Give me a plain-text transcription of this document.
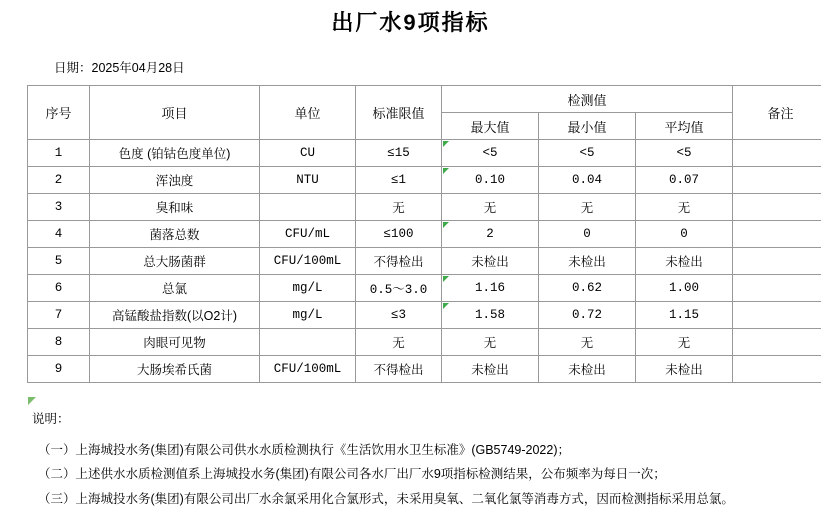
出厂水9项指标
日期：2025年04月28日
序号	项目	单位	标准限值	检测值			备注
				最大值	最小值	平均值	
1	色度 (铂钴色度单位)	CU	≤15	<5	<5	<5	
2	浑浊度	NTU	≤1	0.10	0.04	0.07	
3	臭和味		无	无	无	无	
4	菌落总数	CFU/mL	≤100	2	0	0	
5	总大肠菌群	CFU/100mL	不得检出	未检出	未检出	未检出	
6	总氯	mg/L	0.5～3.0	1.16	0.62	1.00	
7	高锰酸盐指数(以O2计)	mg/L	≤3	1.58	0.72	1.15	
8	肉眼可见物		无	无	无	无	
9	大肠埃希氏菌	CFU/100mL	不得检出	未检出	未检出	未检出	
说明：
（一）上海城投水务(集团)有限公司供水水质检测执行《生活饮用水卫生标准》(GB5749-2022)；
（二）上述供水水质检测值系上海城投水务(集团)有限公司各水厂出厂水9项指标检测结果，公布频率为每日一次；
（三）上海城投水务(集团)有限公司出厂水余氯采用化合氯形式，未采用臭氧、二氧化氯等消毒方式，因而检测指标采用总氯。
